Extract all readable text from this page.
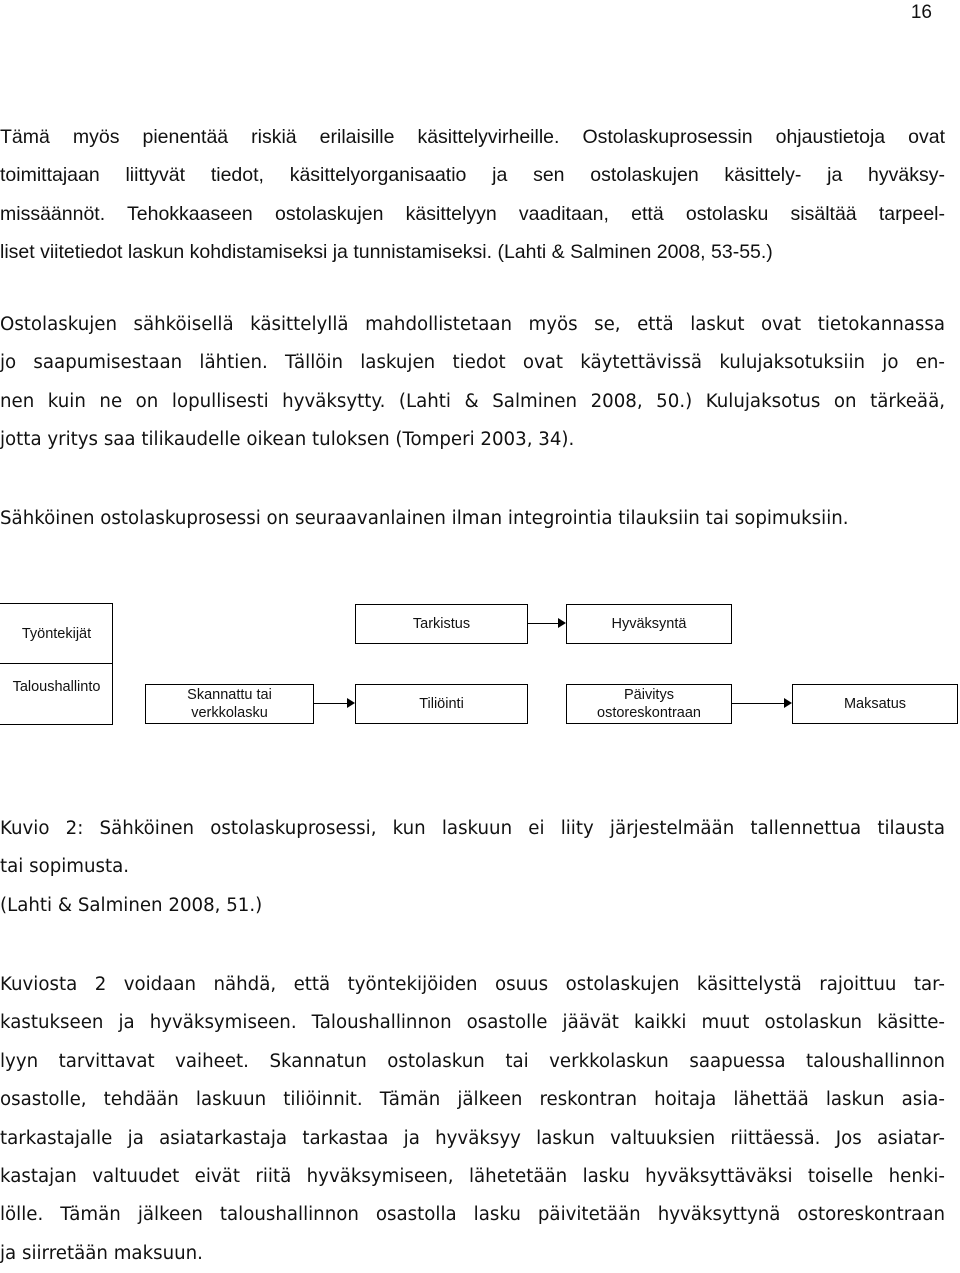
16
Tämä myös pienentää riskiä erilaisille käsittelyvirheille. Ostolaskuprosessin ohjaustietoja ovat
toimittajaan liittyvät tiedot, käsittelyorganisaatio ja sen ostolaskujen käsittely- ja hyväksy-
missäännöt. Tehokkaaseen ostolaskujen käsittelyyn vaaditaan, että ostolasku sisältää tarpeel-
liset viitetiedot laskun kohdistamiseksi ja tunnistamiseksi. (Lahti & Salminen 2008, 53-55.)
Ostolaskujen sähköisellä käsittelyllä mahdollistetaan myös se, että laskut ovat tietokannassa
jo saapumisestaan lähtien. Tällöin laskujen tiedot ovat käytettävissä kulujaksotuksiin jo en-
nen kuin ne on lopullisesti hyväksytty. (Lahti & Salminen 2008, 50.) Kulujaksotus on tärkeää,
jotta yritys saa tilikaudelle oikean tuloksen (Tomperi 2003, 34).
Sähköinen ostolaskuprosessi on seuraavanlainen ilman integrointia tilauksiin tai sopimuksiin.
Työntekijät
Taloushallinto
Tarkistus	Hyväksyntä
Skannattu tai
verkkolasku
Tiliöinti
Päivitys
ostoreskontraan
Maksatus
Kuvio 2: Sähköinen ostolaskuprosessi, kun laskuun ei liity järjestelmään tallennettua tilausta
tai sopimusta.
(Lahti & Salminen 2008, 51.)
Kuviosta 2 voidaan nähdä, että työntekijöiden osuus ostolaskujen käsittelystä rajoittuu tar-
kastukseen ja hyväksymiseen. Taloushallinnon osastolle jäävät kaikki muut ostolaskun käsitte-
lyyn tarvittavat vaiheet. Skannatun ostolaskun tai verkkolaskun saapuessa taloushallinnon
osastolle, tehdään laskuun tiliöinnit. Tämän jälkeen reskontran hoitaja lähettää laskun asia-
tarkastajalle ja asiatarkastaja tarkastaa ja hyväksyy laskun valtuuksien riittäessä. Jos asiatar-
kastajan valtuudet eivät riitä hyväksymiseen, lähetetään lasku hyväksyttäväksi toiselle henki-
lölle. Tämän jälkeen taloushallinnon osastolla lasku päivitetään hyväksyttynä ostoreskontraan
ja siirretään maksuun.
